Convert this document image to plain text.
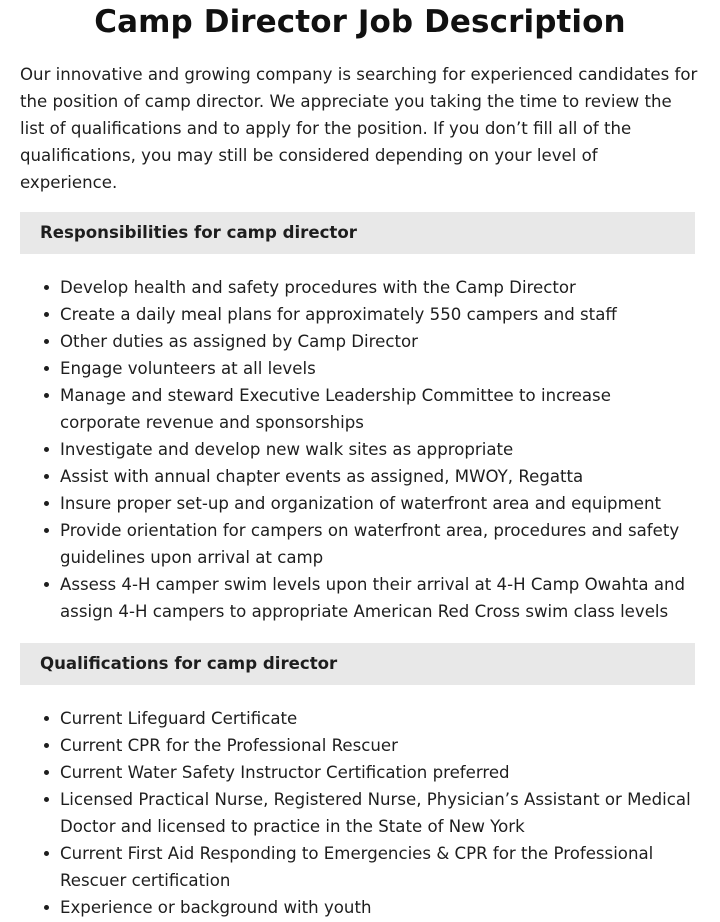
Camp Director Job Description

Our innovative and growing company is searching for experienced candidates for the position of camp director. We appreciate you taking the time to review the list of qualifications and to apply for the position. If you don’t fill all of the qualifications, you may still be considered depending on your level of experience.

Responsibilities for camp director
Develop health and safety procedures with the Camp Director
Create a daily meal plans for approximately 550 campers and staff
Other duties as assigned by Camp Director
Engage volunteers at all levels
Manage and steward Executive Leadership Committee to increase corporate revenue and sponsorships
Investigate and develop new walk sites as appropriate
Assist with annual chapter events as assigned, MWOY, Regatta
Insure proper set-up and organization of waterfront area and equipment
Provide orientation for campers on waterfront area, procedures and safety guidelines upon arrival at camp
Assess 4-H camper swim levels upon their arrival at 4-H Camp Owahta and assign 4-H campers to appropriate American Red Cross swim class levels
Qualifications for camp director
Current Lifeguard Certificate
Current CPR for the Professional Rescuer
Current Water Safety Instructor Certification preferred
Licensed Practical Nurse, Registered Nurse, Physician’s Assistant or Medical Doctor and licensed to practice in the State of New York
Current First Aid Responding to Emergencies & CPR for the Professional Rescuer certification
Experience or background with youth
